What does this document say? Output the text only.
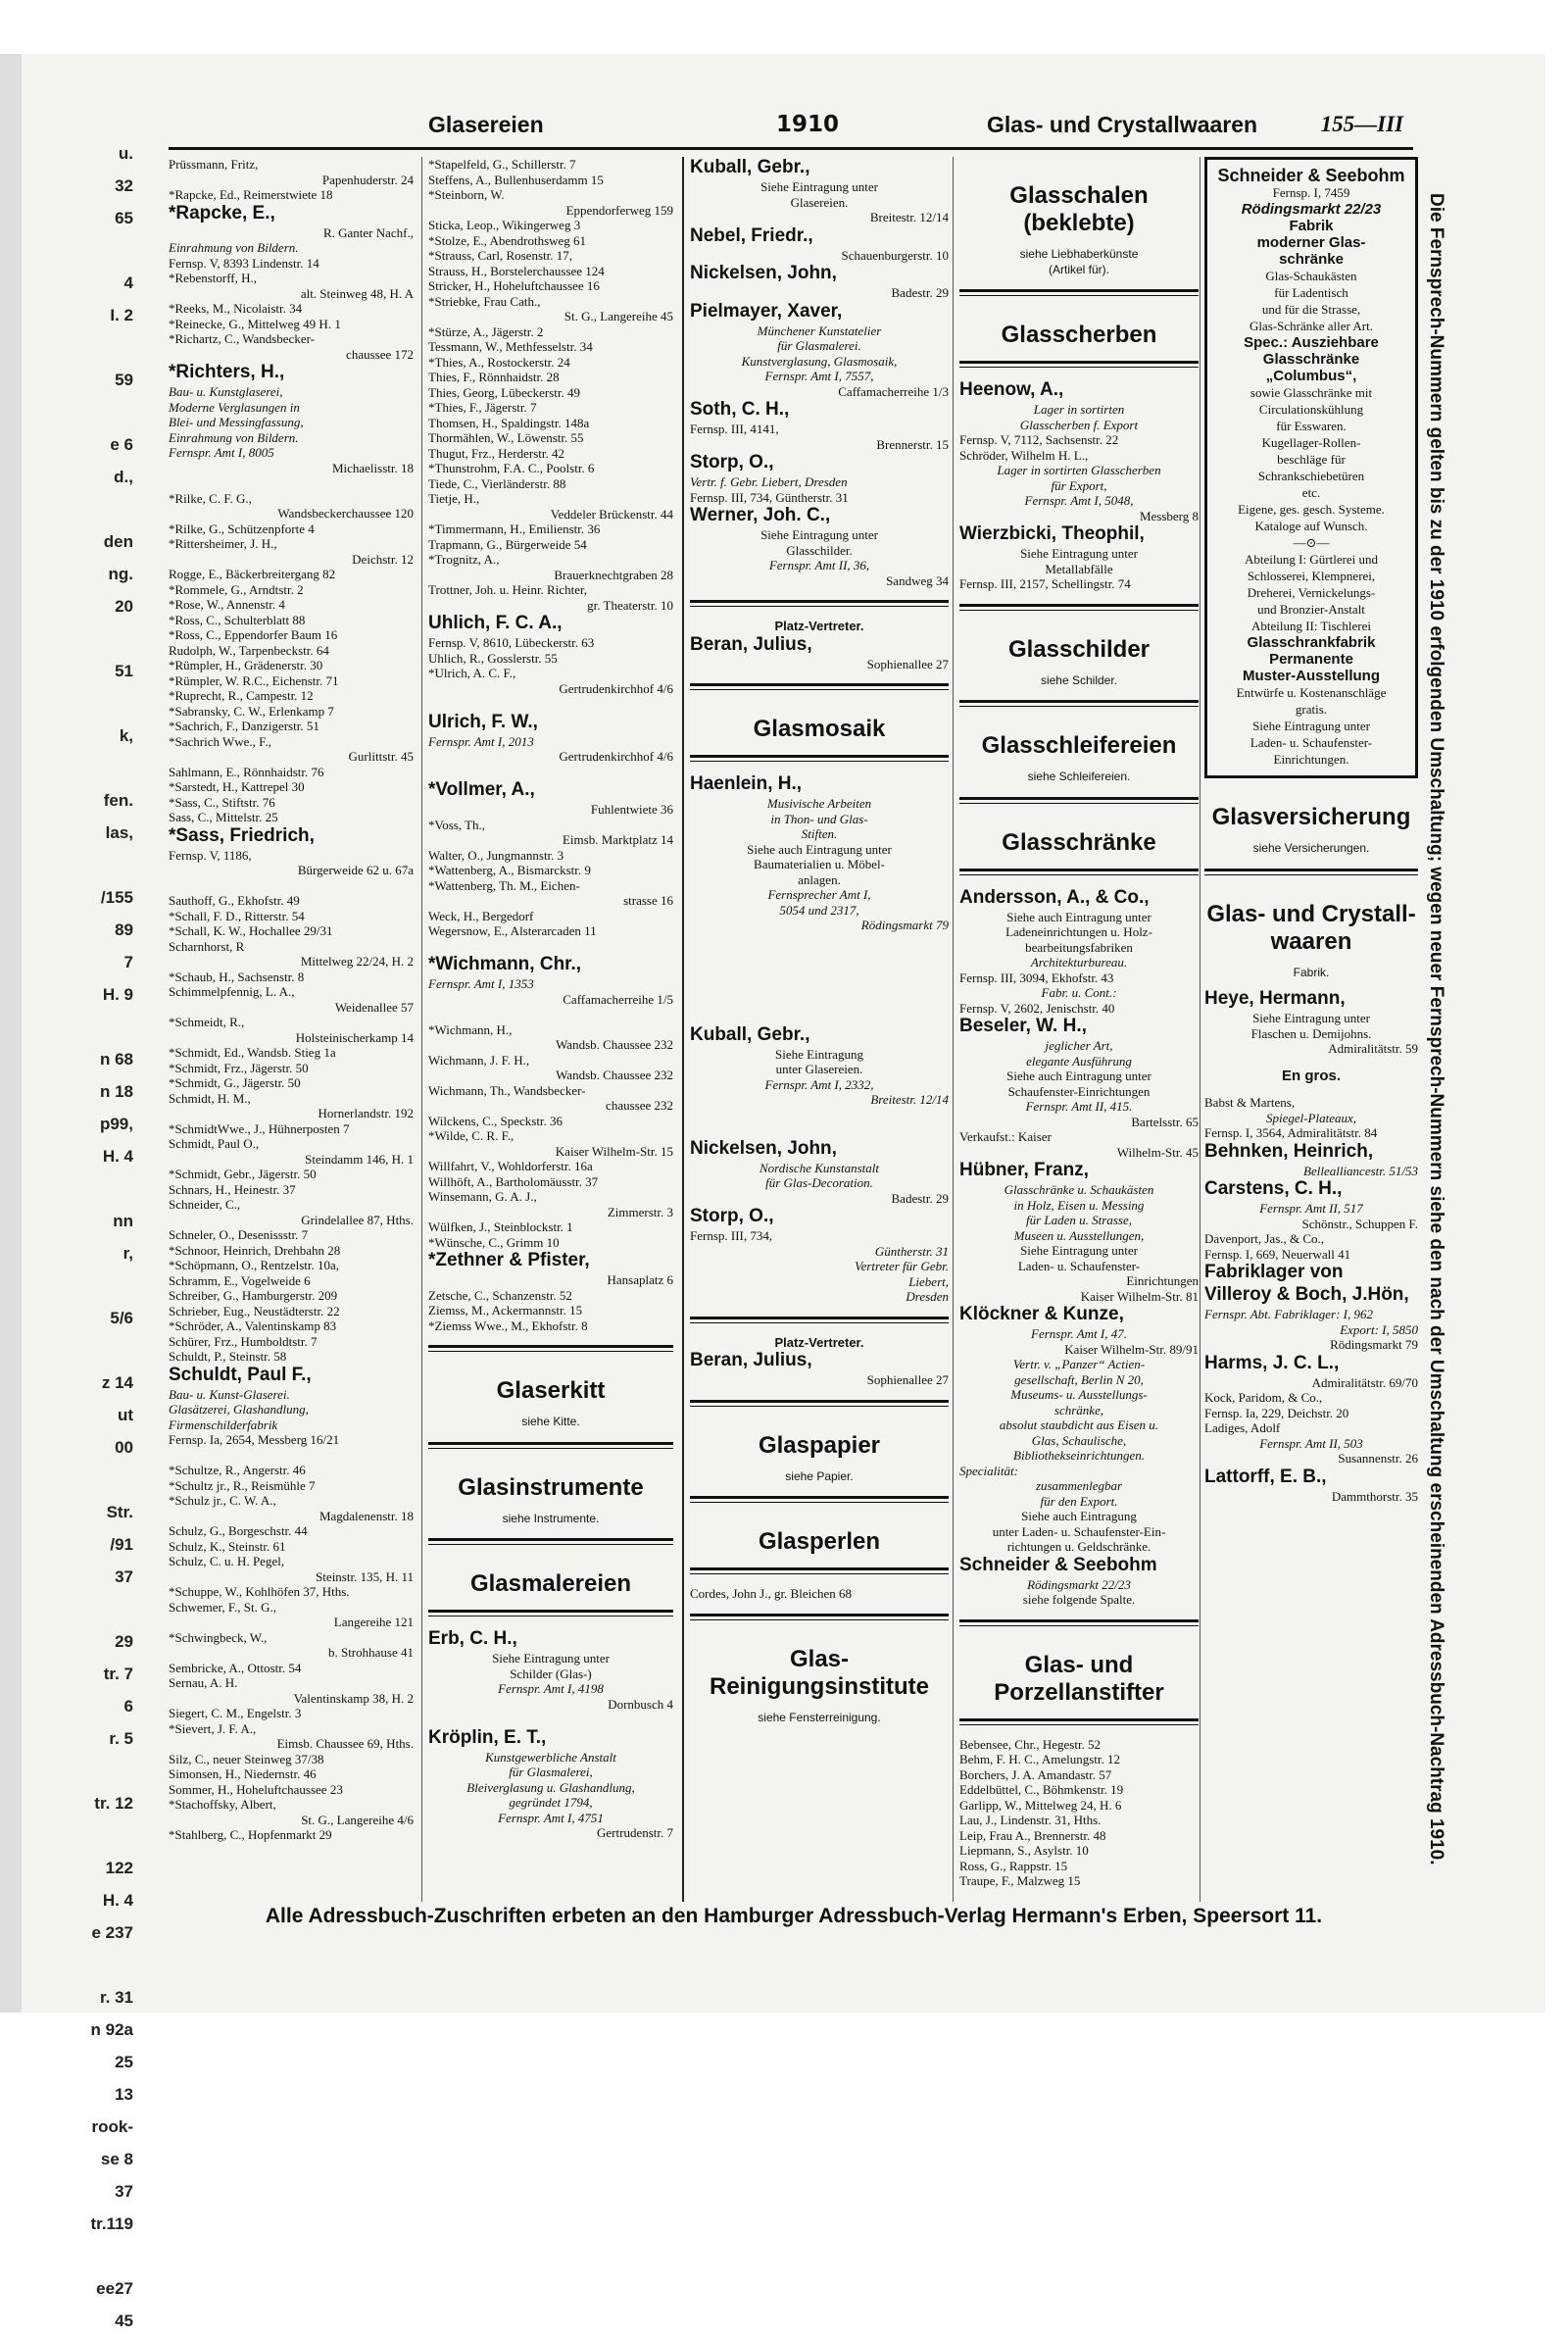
u.
32
65

4
I. 2

59

e 6
d.,

den
ng.
20

51

k,

fen.
las,

/155
89
7
H. 9

n 68
n 18
p99,
H. 4

nn
r,

5/6

z 14
ut
00

Str.
/91
37

29
tr. 7
6
r. 5

tr. 12

122
H. 4
e 237

r. 31
n 92a
25
13
rook-
se 8
37
tr.119

ee27
45
Glasereien	1910	Glas- und Crystallwaaren	155—III
Prüssmann, Fritz,
Papenhuderstr. 24
*Rapcke, Ed., Reimerstwiete 18
*Rapcke, E.,
R. Ganter Nachf.,
Einrahmung von Bildern.
Fernsp. V, 8393 Lindenstr. 14
*Rebenstorff, H.,
alt. Steinweg 48, H. A
*Reeks, M., Nicolaistr. 34
*Reinecke, G., Mittelweg 49 H. 1
*Richartz, C., Wandsbecker-
chaussee 172
*Richters, H.,
Bau- u. Kunstglaserei,
Moderne Verglasungen in
Blei- und Messingfassung,
Einrahmung von Bildern.
Fernspr. Amt I, 8005
Michaelisstr. 18

*Rilke, C. F. G.,
Wandsbeckerchaussee 120
*Rilke, G., Schützenpforte 4
*Rittersheimer, J. H.,
Deichstr. 12
Rogge, E., Bäckerbreitergang 82
*Rommele, G., Arndtstr. 2
*Rose, W., Annenstr. 4
*Ross, C., Schulterblatt 88
*Ross, C., Eppendorfer Baum 16
Rudolph, W., Tarpenbeckstr. 64
*Rümpler, H., Grädenerstr. 30
*Rümpler, W. R.C., Eichenstr. 71
*Ruprecht, R., Campestr. 12
*Sabransky, C. W., Erlenkamp 7
*Sachrich, F., Danzigerstr. 51
*Sachrich Wwe., F.,
Gurlittstr. 45
Sahlmann, E., Rönnhaidstr. 76
*Sarstedt, H., Kattrepel 30
*Sass, C., Stiftstr. 76
Sass, C., Mittelstr. 25
*Sass, Friedrich,
Fernsp. V, 1186,
Bürgerweide 62 u. 67a

Sauthoff, G., Ekhofstr. 49
*Schall, F. D., Ritterstr. 54
*Schall, K. W., Hochallee 29/31
Scharnhorst, R
Mittelweg 22/24, H. 2
*Schaub, H., Sachsenstr. 8
Schimmelpfennig, L. A.,
Weidenallee 57
*Schmeidt, R.,
Holsteinischerkamp 14
*Schmidt, Ed., Wandsb. Stieg 1a
*Schmidt, Frz., Jägerstr. 50
*Schmidt, G., Jägerstr. 50
Schmidt, H. M.,
Hornerlandstr. 192
*SchmidtWwe., J., Hühnerposten 7
Schmidt, Paul O.,
Steindamm 146, H. 1
*Schmidt, Gebr., Jägerstr. 50
Schnars, H., Heinestr. 37
Schneider, C.,
Grindelallee 87, Hths.
Schneler, O., Desenissstr. 7
*Schnoor, Heinrich, Drehbahn 28
*Schöpmann, O., Rentzelstr. 10a,
Schramm, E., Vogelweide 6
Schreiber, G., Hamburgerstr. 209
Schrieber, Eug., Neustädterstr. 22
*Schröder, A., Valentinskamp 83
Schürer, Frz., Humboldtstr. 7
Schuldt, P., Steinstr. 58
Schuldt, Paul F.,
Bau- u. Kunst-Glaserei.
Glasätzerei, Glashandlung,
Firmenschilderfabrik
Fernsp. Ia, 2654, Messberg 16/21

*Schultze, R., Angerstr. 46
*Schultz jr., R., Reismühle 7
*Schulz jr., C. W. A.,
Magdalenenstr. 18
Schulz, G., Borgeschstr. 44
Schulz, K., Steinstr. 61
Schulz, C. u. H. Pegel,
Steinstr. 135, H. 11
*Schuppe, W., Kohlhöfen 37, Hths.
Schwemer, F., St. G.,
Langereihe 121
*Schwingbeck, W.,
b. Strohhause 41
Sembricke, A., Ottostr. 54
Sernau, A. H.
Valentinskamp 38, H. 2
Siegert, C. M., Engelstr. 3
*Sievert, J. F. A.,
Eimsb. Chaussee 69, Hths.
Silz, C., neuer Steinweg 37/38
Simonsen, H., Niedernstr. 46
Sommer, H., Hoheluftchaussee 23
*Stachoffsky, Albert,
St. G., Langereihe 4/6
*Stahlberg, C., Hopfenmarkt 29
*Stapelfeld, G., Schillerstr. 7
Steffens, A., Bullenhuserdamm 15
*Steinborn, W.
Eppendorferweg 159
Sticka, Leop., Wikingerweg 3
*Stolze, E., Abendrothsweg 61
*Strauss, Carl, Rosenstr. 17,
Strauss, H., Borstelerchaussee 124
Stricker, H., Hoheluftchaussee 16
*Striebke, Frau Cath.,
St. G., Langereihe 45
*Stürze, A., Jägerstr. 2
Tessmann, W., Methfesselstr. 34
*Thies, A., Rostockerstr. 24
Thies, F., Rönnhaidstr. 28
Thies, Georg, Lübeckerstr. 49
*Thies, F., Jägerstr. 7
Thomsen, H., Spaldingstr. 148a
Thormählen, W., Löwenstr. 55
Thugut, Frz., Herderstr. 42
*Thunstrohm, F.A. C., Poolstr. 6
Tiede, C., Vierländerstr. 88
Tietje, H.,
Veddeler Brückenstr. 44
*Timmermann, H., Emilienstr. 36
Trapmann, G., Bürgerweide 54
*Trognitz, A.,
Brauerknechtgraben 28
Trottner, Joh. u. Heinr. Richter,
gr. Theaterstr. 10
Uhlich, F. C. A.,
Fernsp. V, 8610, Lübeckerstr. 63
Uhlich, R., Gosslerstr. 55
*Ulrich, A. C. F.,
Gertrudenkirchhof 4/6

Ulrich, F. W.,
Fernspr. Amt I, 2013
Gertrudenkirchhof 4/6

*Vollmer, A.,
Fuhlentwiete 36
*Voss, Th.,
Eimsb. Marktplatz 14
Walter, O., Jungmannstr. 3
*Wattenberg, A., Bismarckstr. 9
*Wattenberg, Th. M., Eichen-
strasse 16
Weck, H., Bergedorf
Wegersnow, E., Alsterarcaden 11

*Wichmann, Chr.,
Fernspr. Amt I, 1353
Caffamacherreihe 1/5

*Wichmann, H.,
Wandsb. Chaussee 232
Wichmann, J. F. H.,
Wandsb. Chaussee 232
Wichmann, Th., Wandsbecker-
chaussee 232
Wilckens, C., Speckstr. 36
*Wilde, C. R. F.,
Kaiser Wilhelm-Str. 15
Willfahrt, V., Wohldorferstr. 16a
Willhöft, A., Bartholomäusstr. 37
Winsemann, G. A. J.,
Zimmerstr. 3
Wülfken, J., Steinblockstr. 1
*Wünsche, C., Grimm 10
*Zethner & Pfister,
Hansaplatz 6
Zetsche, C., Schanzenstr. 52
Ziemss, M., Ackermannstr. 15
*Ziemss Wwe., M., Ekhofstr. 8
Glaserkitt
siehe Kitte.
Glasinstrumente
siehe Instrumente.
Glasmalereien
Erb, C. H.,
Siehe Eintragung unter
Schilder (Glas-)
Fernspr. Amt I, 4198
Dornbusch 4

Kröplin, E. T.,
Kunstgewerbliche Anstalt
für Glasmalerei,
Bleiverglasung u. Glashandlung,
gegründet 1794,
Fernspr. Amt I, 4751
Gertrudenstr. 7
Kuball, Gebr.,
Siehe Eintragung unter
Glasereien.
Breitestr. 12/14
Nebel, Friedr.,
Schauenburgerstr. 10
Nickelsen, John,
Badestr. 29
Pielmayer, Xaver,
Münchener Kunstatelier
für Glasmalerei.
Kunstverglasung, Glasmosaik,
Fernspr. Amt I, 7557,
Caffamacherreihe 1/3
Soth, C. H.,
Fernsp. III, 4141,
Brennerstr. 15
Storp, O.,
Vertr. f. Gebr. Liebert, Dresden
Fernsp. III, 734, Güntherstr. 31
Werner, Joh. C.,
Siehe Eintragung unter
Glasschilder.
Fernspr. Amt II, 36,
Sandweg 34
Platz-Vertreter.
Beran, Julius,
Sophienallee 27
Glasmosaik
Haenlein, H.,
Musivische Arbeiten
in Thon- und Glas-
Stiften.
Siehe auch Eintragung unter
Baumaterialien u. Möbel-
anlagen.
Fernsprecher Amt I,
5054 und 2317,
Rödingsmarkt 79

Kuball, Gebr.,
Siehe Eintragung
unter Glasereien.
Fernspr. Amt I, 2332,
Breitestr. 12/14

Nickelsen, John,
Nordische Kunstanstalt
für Glas-Decoration.
Badestr. 29
Storp, O.,
Fernsp. III, 734,
Güntherstr. 31
Vertreter für Gebr.
Liebert,
Dresden
Platz-Vertreter.
Beran, Julius,
Sophienallee 27
Glaspapier
siehe Papier.
Glasperlen
Cordes, John J., gr. Bleichen 68
Glas-
Reinigungsinstitute
siehe Fensterreinigung.
Glasschalen (beklebte)
siehe Liebhaberkünste
(Artikel für).
Glasscherben
Heenow, A.,
Lager in sortirten
Glasscherben f. Export
Fernsp. V, 7112, Sachsenstr. 22
Schröder, Wilhelm H. L.,
Lager in sortirten Glasscherben
für Export,
Fernspr. Amt I, 5048,
Messberg 8
Wierzbicki, Theophil,
Siehe Eintragung unter
Metallabfälle
Fernsp. III, 2157, Schellingstr. 74
Glasschilder
siehe Schilder.
Glasschleifereien
siehe Schleifereien.
Glasschränke
Andersson, A., & Co.,
Siehe auch Eintragung unter
Ladeneinrichtungen u. Holz-
bearbeitungsfabriken
Architekturbureau.
Fernsp. III, 3094, Ekhofstr. 43
Fabr. u. Cont.:
Fernsp. V, 2602, Jenischstr. 40
Beseler, W. H.,
jeglicher Art,
elegante Ausführung
Siehe auch Eintragung unter
Schaufenster-Einrichtungen
Fernspr. Amt II, 415.
Bartelsstr. 65
Verkaufst.: Kaiser
Wilhelm-Str. 45
Hübner, Franz,
Glasschränke u. Schaukästen
in Holz, Eisen u. Messing
für Laden u. Strasse,
Museen u. Ausstellungen,
Siehe Eintragung unter
Laden- u. Schaufenster-
Einrichtungen
Kaiser Wilhelm-Str. 81
Klöckner & Kunze,
Fernspr. Amt I, 47.
Kaiser Wilhelm-Str. 89/91
Vertr. v. „Panzer“ Actien-
gesellschaft, Berlin N 20,
Museums- u. Ausstellungs-
schränke,
absolut staubdicht aus Eisen u.
Glas, Schaulische,
Bibliothekseinrichtungen.
Specialität:
zusammenlegbar
für den Export.
Siehe auch Eintragung
unter Laden- u. Schaufenster-Ein-
richtungen u. Geldschränke.
Schneider & Seebohm
Rödingsmarkt 22/23
siehe folgende Spalte.
Glas- und
Porzellanstifter
Bebensee, Chr., Hegestr. 52
Behm, F. H. C., Amelungstr. 12
Borchers, J. A. Amandastr. 57
Eddelbüttel, C., Böhmkenstr. 19
Garlipp, W., Mittelweg 24, H. 6
Lau, J., Lindenstr. 31, Hths.
Leip, Frau A., Brennerstr. 48
Liepmann, S., Asylstr. 10
Ross, G., Rappstr. 15
Traupe, F., Malzweg 15
Schneider & Seebohm
Fernsp. I, 7459
Rödingsmarkt 22/23
Fabrik
moderner Glas-
schränke
Glas-Schaukästen
für Ladentisch
und für die Strasse,
Glas-Schränke aller Art.
Spec.: Ausziehbare
Glasschränke
„Columbus“,
sowie Glasschränke mit
Circulationskühlung
für Esswaren.
Kugellager-Rollen-
beschläge für
Schrankschiebetüren
etc.
Eigene, ges. gesch. Systeme.
Kataloge auf Wunsch.
—⊙—
Abteilung I: Gürtlerei und
Schlosserei, Klempnerei,
Dreherei, Vernickelungs-
und Bronzier-Anstalt
Abteilung II: Tischlerei
Glasschrankfabrik
Permanente
Muster-Ausstellung
Entwürfe u. Kostenanschläge
gratis.
Siehe Eintragung unter
Laden- u. Schaufenster-
Einrichtungen.
Glasversicherung
siehe Versicherungen.
Glas- und Crystall-
waaren
Fabrik.
Heye, Hermann,
Siehe Eintragung unter
Flaschen u. Demijohns.
Admiralitätstr. 59
En gros.
Babst & Martens,
Spiegel-Plateaux,
Fernsp. I, 3564, Admiralitätstr. 84
Behnken, Heinrich,
Bellealliancestr. 51/53
Carstens, C. H.,
Fernspr. Amt II, 517
Schönstr., Schuppen F.
Davenport, Jas., & Co.,
Fernsp. I, 669, Neuerwall 41
Fabriklager von
Villeroy & Boch, J.Hön,
Fernspr. Abt. Fabriklager: I, 962
Export: I, 5850
Rödingsmarkt 79
Harms, J. C. L.,
Admiralitätstr. 69/70
Kock, Paridom, & Co.,
Fernsp. Ia, 229, Deichstr. 20
Ladiges, Adolf
Fernspr. Amt II, 503
Susannenstr. 26
Lattorff, E. B.,
Dammthorstr. 35 Die Fernsprech-Nummern gelten bis zu der 1910 erfolgenden Umschaltung; wegen neuer Fernsprech-Nummern siehe den nach der Umschaltung erscheinenden Adressbuch-Nachtrag 1910.
Alle Adressbuch-Zuschriften erbeten an den Hamburger Adressbuch-Verlag Hermann's Erben, Speersort 11.
